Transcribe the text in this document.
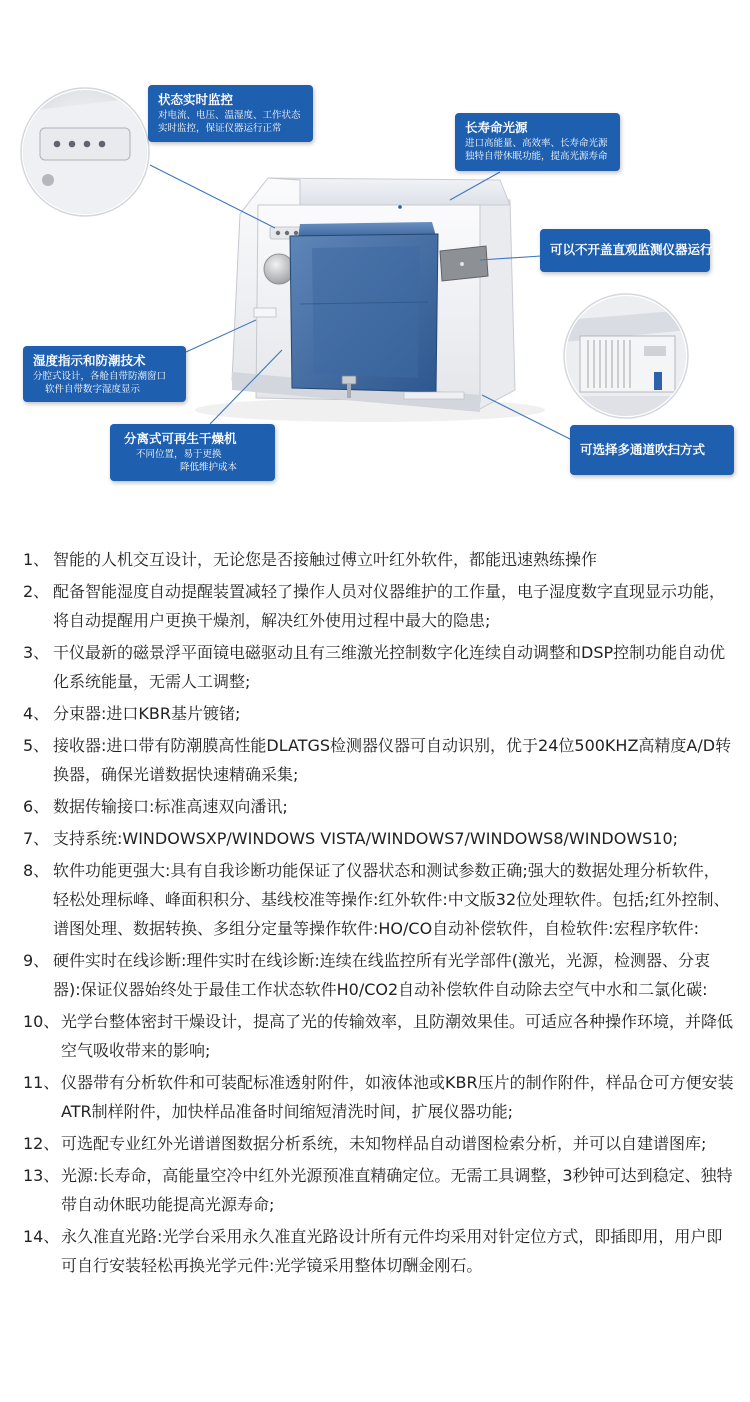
状态实时监控
对电流、电压、温湿度、工作状态
实时监控，保证仪器运行正常	长寿命光源
进口高能量、高效率、长寿命光源
独特自带休眠功能，提高光源寿命
可以不开盖直观监测仪器运行
湿度指示和防潮技术
分腔式设计，各舱自带防潮窗口
软件自带数字湿度显示
分离式可再生干燥机
不同位置，易于更换
降低维护成本
可选择多通道吹扫方式
1、 智能的人机交互设计，无论您是否接触过傅立叶红外软件，都能迅速熟练操作
2、 配备智能湿度自动提醒装置减轻了操作人员对仪器维护的工作量，电子湿度数字直现显示功能，将自动提醒用户更换干燥剂，解决红外使用过程中最大的隐患;
3、 干仪最新的磁景浮平面镜电磁驱动且有三维激光控制数字化连续自动调整和DSP控制功能自动优化系统能量，无需人工调整;
4、 分束器:进口KBR基片镀锗;
5、 接收器:进口带有防潮膜高性能DLATGS检测器仪器可自动识别，优于24位500KHZ高精度A/D转换器，确保光谱数据快速精确采集;
6、 数据传输接口:标准高速双向潘讯;
7、 支持系统:WINDOWSXP/WINDOWS VISTA/WINDOWS7/WINDOWS8/WINDOWS10;
8、 软件功能更强大:具有自我诊断功能保证了仪器状态和测试参数正确;强大的数据处理分析软件，轻松处理标峰、峰面积积分、基线校准等操作:红外软件:中文版32位处理软件。包括;红外控制、谱图处理、数据转换、多组分定量等操作软件:HO/CO自动补偿软件，自检软件:宏程序软件:
9、 硬件实时在线诊断:理件实时在线诊断:连续在线监控所有光学部件(激光，光源，检测器、分衷器):保证仪器始终处于最佳工作状态软件H0/CO2自动补偿软件自动除去空气中水和二氯化碳:
10、 光学台整体密封干燥设计，提高了光的传输效率，且防潮效果佳。可适应各种操作环境，并降低空气吸收带来的影响;
11、 仪器带有分析软件和可装配标准透射附件，如液体池或KBR压片的制作附件，样品仓可方便安装ATR制样附件，加快样品准备时间缩短清洗时间，扩展仪器功能;
12、 可选配专业红外光谱谱图数据分析系统，未知物样品自动谱图检索分析，并可以自建谱图库;
13、 光源:长寿命，高能量空冷中红外光源预准直精确定位。无需工具调整，3秒钟可达到稳定、独特带自动休眠功能提高光源寿命;
14、 永久准直光路:光学台采用永久准直光路设计所有元件均采用对针定位方式，即插即用，用户即可自行安装轻松再换光学元件:光学镜采用整体切酬金刚石。
